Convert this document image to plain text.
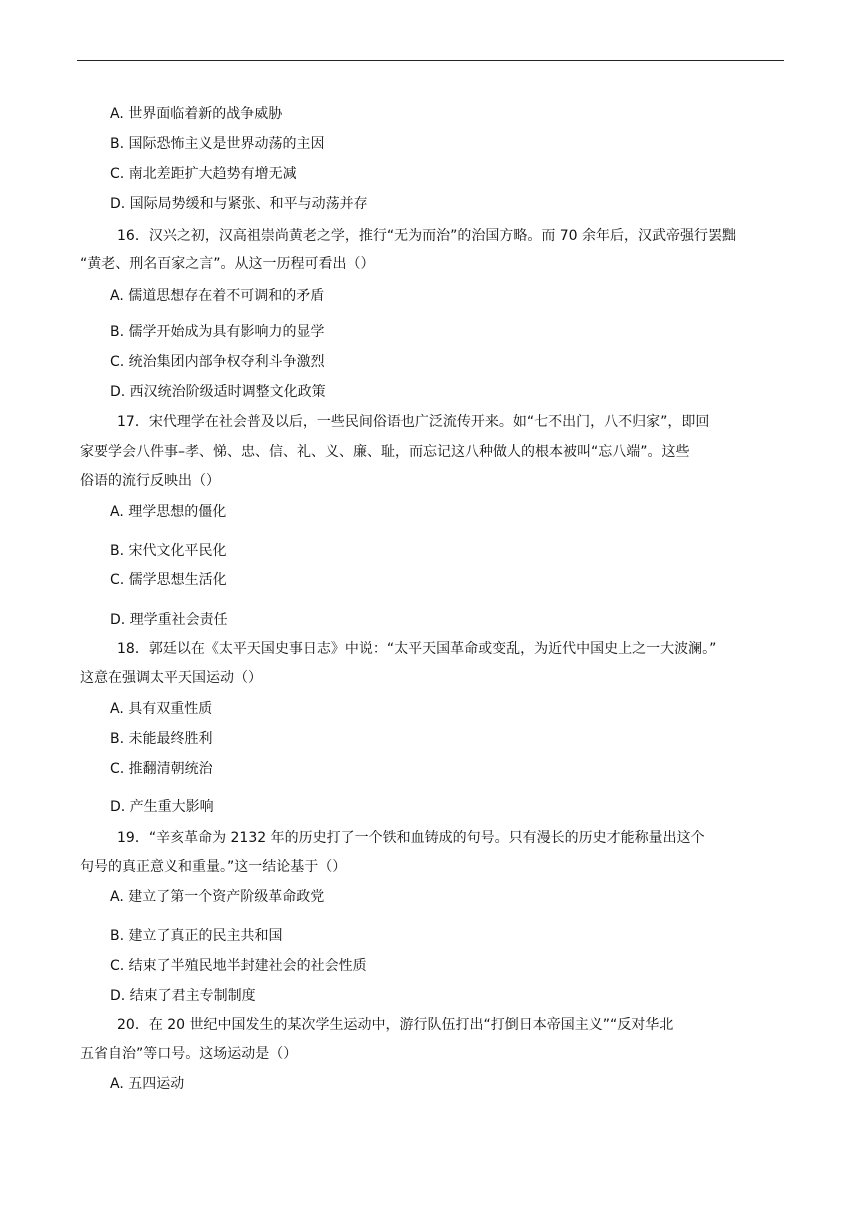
A. 世界面临着新的战争威胁
B. 国际恐怖主义是世界动荡的主因
C. 南北差距扩大趋势有增无减
D. 国际局势缓和与紧张、和平与动荡并存
16．汉兴之初，汉高祖崇尚黄老之学，推行“无为而治”的治国方略。而 70 余年后，汉武帝强行罢黜
“黄老、刑名百家之言”。从这一历程可看出（）
A. 儒道思想存在着不可调和的矛盾
B. 儒学开始成为具有影响力的显学
C. 统治集团内部争权夺利斗争激烈
D. 西汉统治阶级适时调整文化政策
17．宋代理学在社会普及以后，一些民间俗语也广泛流传开来。如“七不出门，八不归家”，即回
家要学会八件事–孝、悌、忠、信、礼、义、廉、耻，而忘记这八种做人的根本被叫“忘八端”。这些
俗语的流行反映出（）
A. 理学思想的僵化
B. 宋代文化平民化
C. 儒学思想生活化
D. 理学重社会责任
18．郭廷以在《太平天国史事日志》中说：“太平天国革命或变乱，为近代中国史上之一大波澜。”
这意在强调太平天国运动（）
A. 具有双重性质
B. 未能最终胜利
C. 推翻清朝统治
D. 产生重大影响
19．“辛亥革命为 2132 年的历史打了一个铁和血铸成的句号。只有漫长的历史才能称量出这个
句号的真正意义和重量。”这一结论基于（）
A. 建立了第一个资产阶级革命政党
B. 建立了真正的民主共和国
C. 结束了半殖民地半封建社会的社会性质
D. 结束了君主专制制度
20．在 20 世纪中国发生的某次学生运动中，游行队伍打出“打倒日本帝国主义”“反对华北
五省自治”等口号。这场运动是（）
A. 五四运动
